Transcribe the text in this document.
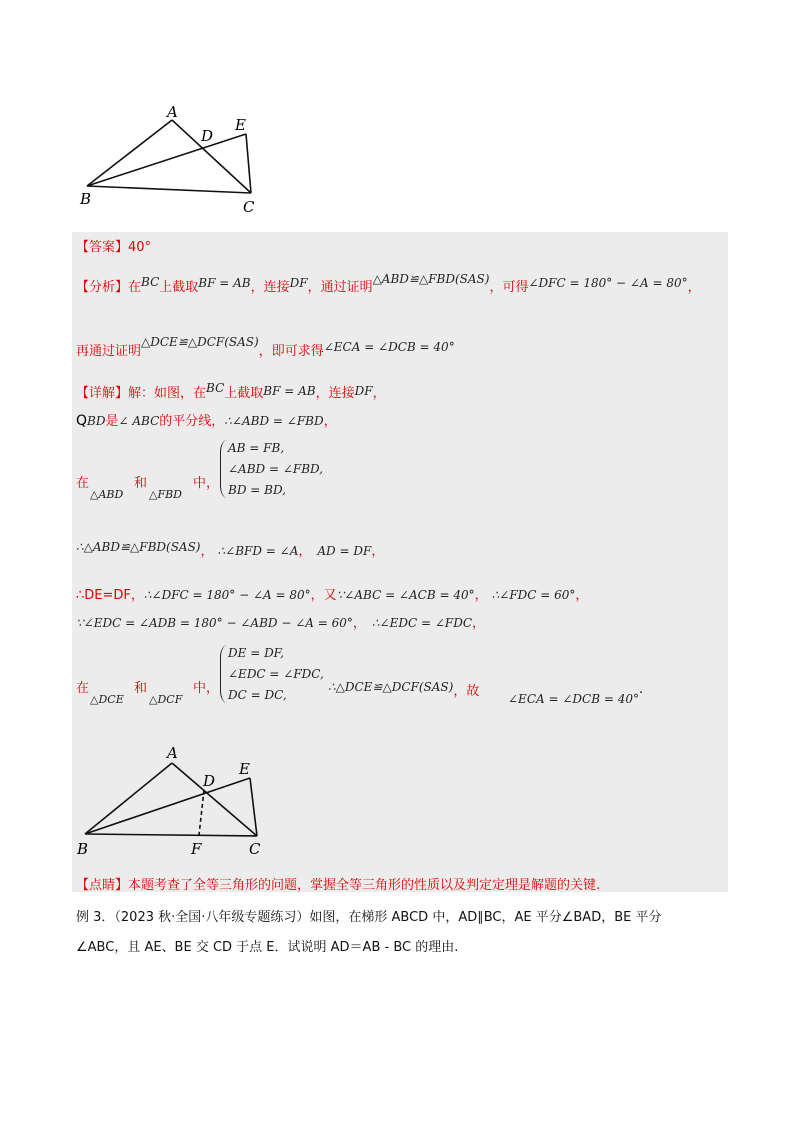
A
D
E
B	C
【答案】40°
【分析】在BC上截取BF = AB，连接DF，通过证明△ABD≌△FBD(SAS)，可得∠DFC = 180° − ∠A = 80°，
再通过证明△DCE≌△DCF(SAS)，即可求得∠ECA = ∠DCB = 40°
【详解】解：如图，在BC上截取BF = AB，连接DF，
QBD是∠ ABC的平分线，∴∠ABD = ∠FBD，
在	和	中，
△ABD △FBD
AB = FB,
∠ABD = ∠FBD,
BD = BD,
∴△ABD≌△FBD(SAS)， ∴∠BFD = ∠A， AD = DF，
∴DE=DF，∴∠DFC = 180° − ∠A = 80°，又∵∠ABC = ∠ACB = 40°， ∴∠FDC = 60°，
∵∠EDC = ∠ADB = 180° − ∠ABD − ∠A = 60°， ∴∠EDC = ∠FDC，
在	和	中，
△DCE △DCF
DE = DF,
∠EDC = ∠FDC,
DC = DC,
∴△DCE≌△DCF(SAS)，故 ∠ECA = ∠DCB = 40°.
A
D
E
B	F	C
【点睛】本题考查了全等三角形的问题，掌握全等三角形的性质以及判定定理是解题的关键.
例 3．（2023 秋·全国·八年级专题练习）如图，在梯形 ABCD 中，AD∥BC，AE 平分∠BAD，BE 平分
∠ABC，且 AE、BE 交 CD 于点 E．试说明 AD＝AB - BC 的理由.
